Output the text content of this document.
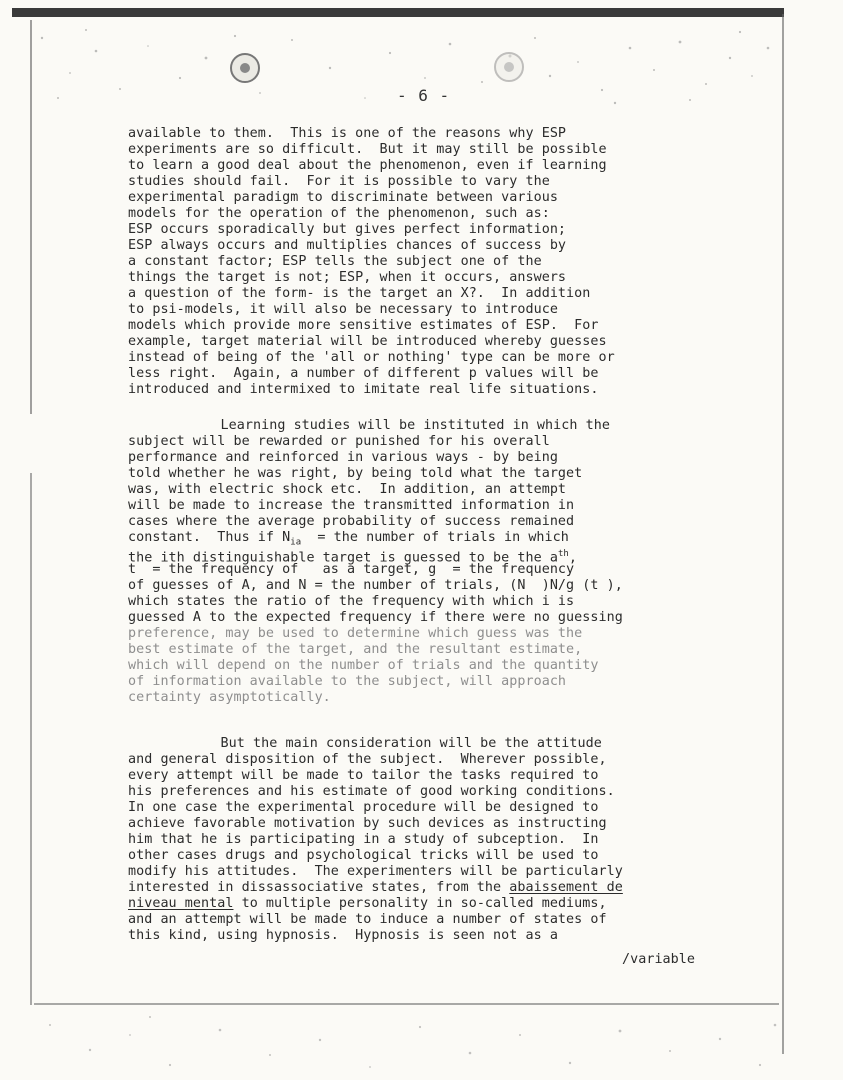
- 6 -
available to them.  This is one of the reasons why ESP
experiments are so difficult.  But it may still be possible
to learn a good deal about the phenomenon, even if learning
studies should fail.  For it is possible to vary the
experimental paradigm to discriminate between various
models for the operation of the phenomenon, such as:
ESP occurs sporadically but gives perfect information;
ESP always occurs and multiplies chances of success by
a constant factor; ESP tells the subject one of the
things the target is not; ESP, when it occurs, answers
a question of the form- is the target an X?.  In addition
to psi-models, it will also be necessary to introduce
models which provide more sensitive estimates of ESP.  For
example, target material will be introduced whereby guesses
instead of being of the 'all or nothing' type can be more or
less right.  Again, a number of different p values will be
introduced and intermixed to imitate real life situations.
Learning studies will be instituted in which the
subject will be rewarded or punished for his overall
performance and reinforced in various ways - by being
told whether he was right, by being told what the target
was, with electric shock etc.  In addition, an attempt
will be made to increase the transmitted information in
cases where the average probability of success remained
constant.  Thus if $N_{ia}$  = the number of trials in which
the ith distinguishable target is guessed to be the $a^{th}$,
t  = the frequency of   as a target, g  = the frequency
of guesses of A, and N = the number of trials, (N  )N/g (t ),
which states the ratio of the frequency with which i is
guessed A to the expected frequency if there were no guessing
preference, may be used to determine which guess was the
best estimate of the target, and the resultant estimate,
which will depend on the number of trials and the quantity
of information available to the subject, will approach
certainty asymptotically.
But the main consideration will be the attitude
and general disposition of the subject.  Wherever possible,
every attempt will be made to tailor the tasks required to
his preferences and his estimate of good working conditions.
In one case the experimental procedure will be designed to
achieve favorable motivation by such devices as instructing
him that he is participating in a study of subception.  In
other cases drugs and psychological tricks will be used to
modify his attitudes.  The experimenters will be particularly
interested in dissassociative states, from the abaissement de
niveau mental to multiple personality in so-called mediums,
and an attempt will be made to induce a number of states of
this kind, using hypnosis.  Hypnosis is seen not as a
/variable
